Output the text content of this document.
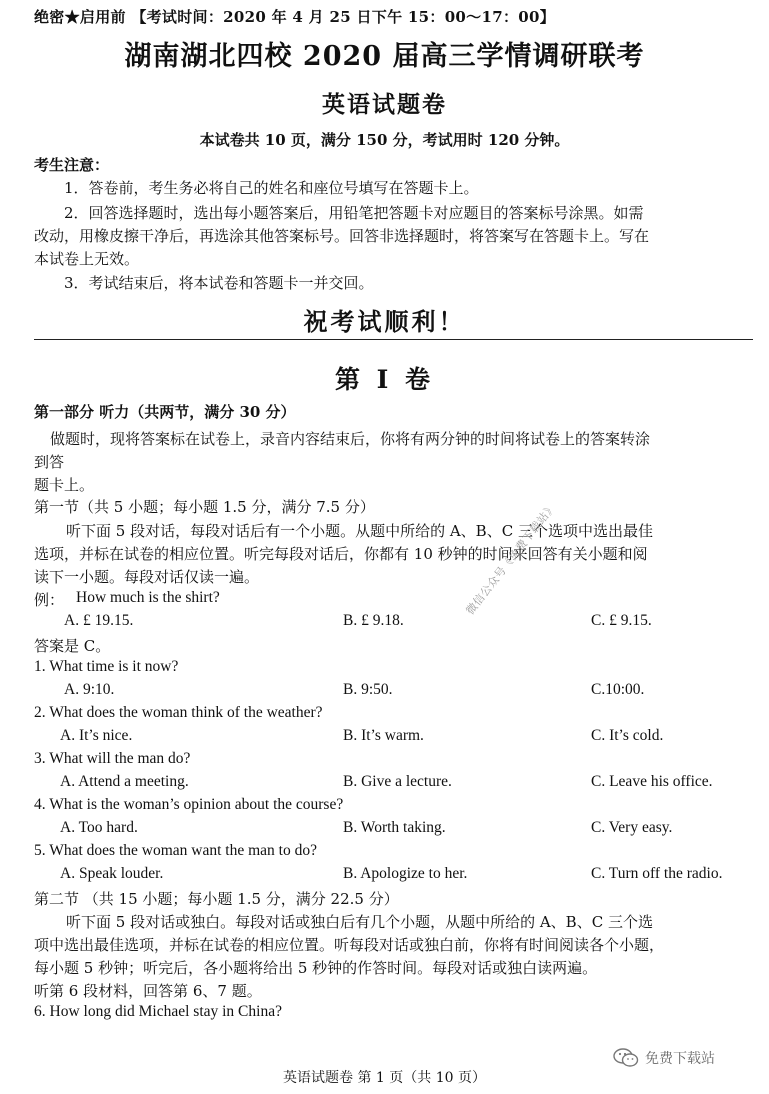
绝密★启用前 【考试时间：2020 年 4 月 25 日下午 15：00～17：00】
湖南湖北四校 2020 届高三学情调研联考
英语试题卷
本试卷共 10 页，满分 150 分，考试用时 120 分钟。
考生注意：
1．答卷前，考生务必将自己的姓名和座位号填写在答题卡上。
2．回答选择题时，选出每小题答案后，用铅笔把答题卡对应题目的答案标号涂黑。如需
改动，用橡皮擦干净后，再选涂其他答案标号。回答非选择题时，将答案写在答题卡上。写在
本试卷上无效。
3．考试结束后，将本试卷和答题卡一并交回。
祝考试顺利！
第 Ⅰ 卷
第一部分 听力（共两节，满分 30 分）
做题时，现将答案标在试卷上，录音内容结束后，你将有两分钟的时间将试卷上的答案转涂
到答
题卡上。
第一节（共 5 小题；每小题 1.5 分，满分 7.5 分）
听下面 5 段对话，每段对话后有一个小题。从题中所给的 A、B、C 三个选项中选出最佳
选项，并标在试卷的相应位置。听完每段对话后，你都有 10 秒钟的时间来回答有关小题和阅
读下一小题。每段对话仅读一遍。
例： How much is the shirt?
A. £ 19.15.	B. £ 9.18.	C. £ 9.15.
答案是 C。
1. What time is it now?
A. 9:10.	B. 9:50.	C.10:00.
2. What does the woman think of the weather?
A. It’s nice.	B. It’s warm.	C. It’s cold.
3. What will the man do?
A. Attend a meeting.	B. Give a lecture.	C. Leave his office.
4. What is the woman’s opinion about the course?
A. Too hard.	B. Worth taking.	C. Very easy.
5. What does the woman want the man to do?
A. Speak louder.	B. Apologize to her.	C. Turn off the radio.
第二节 （共 15 小题；每小题 1.5 分，满分 22.5 分）
听下面 5 段对话或独白。每段对话或独白后有几个小题，从题中所给的 A、B、C 三个选
项中选出最佳选项，并标在试卷的相应位置。听每段对话或独白前，你将有时间阅读各个小题，
每小题 5 秒钟；听完后，各小题将给出 5 秒钟的作答时间。每段对话或独白读两遍。
听第 6 段材料，回答第 6、7 题。
6. How long did Michael stay in China?
微信公众号《免费下载站》
英语试题卷 第 1 页（共 10 页）
免费下载站
